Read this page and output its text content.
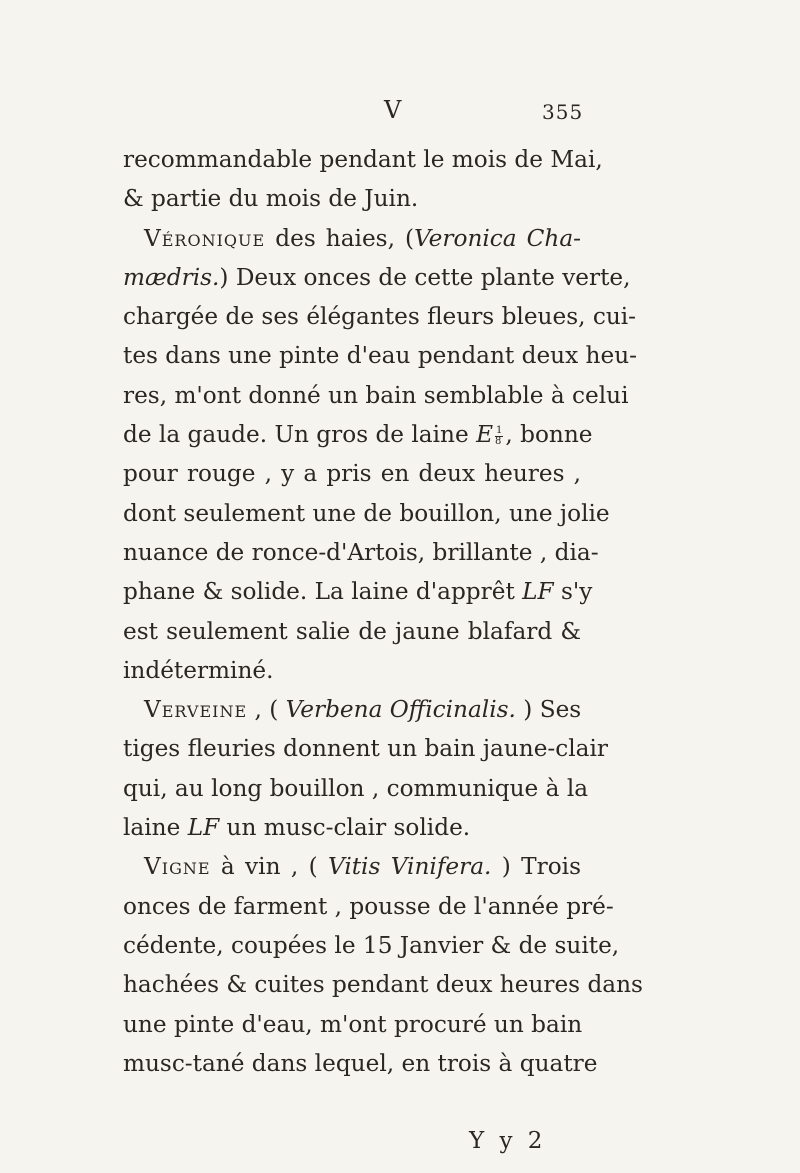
V	355
recommandable pendant le mois de Mai,
& partie du mois de Juin.
Véronique des haies, (Veronica Cha-
mædris.) Deux onces de cette plante verte,
chargée de ses élégantes fleurs bleues, cui-
tes dans une pinte d'eau pendant deux heu-
res, m'ont donné un bain semblable à celui
de la gaude. Un gros de laine E $\frac{1}{8}$ , bonne
pour rouge , y a pris en deux heures ,
dont seulement une de bouillon, une jolie
nuance de ronce-d'Artois, brillante , dia-
phane & solide. La laine d'apprêt LF s'y
est seulement salie de jaune blafard &
indéterminé.
Verveine , ( Verbena Officinalis. ) Ses
tiges fleuries donnent un bain jaune-clair
qui, au long bouillon , communique à la
laine LF un musc-clair solide.
Vigne à vin , ( Vitis Vinifera. ) Trois
onces de farment , pousse de l'année pré-
cédente, coupées le 15 Janvier & de suite,
hachées & cuites pendant deux heures dans
une pinte d'eau, m'ont procuré un bain
musc-tané dans lequel, en trois à quatre
Y y 2
